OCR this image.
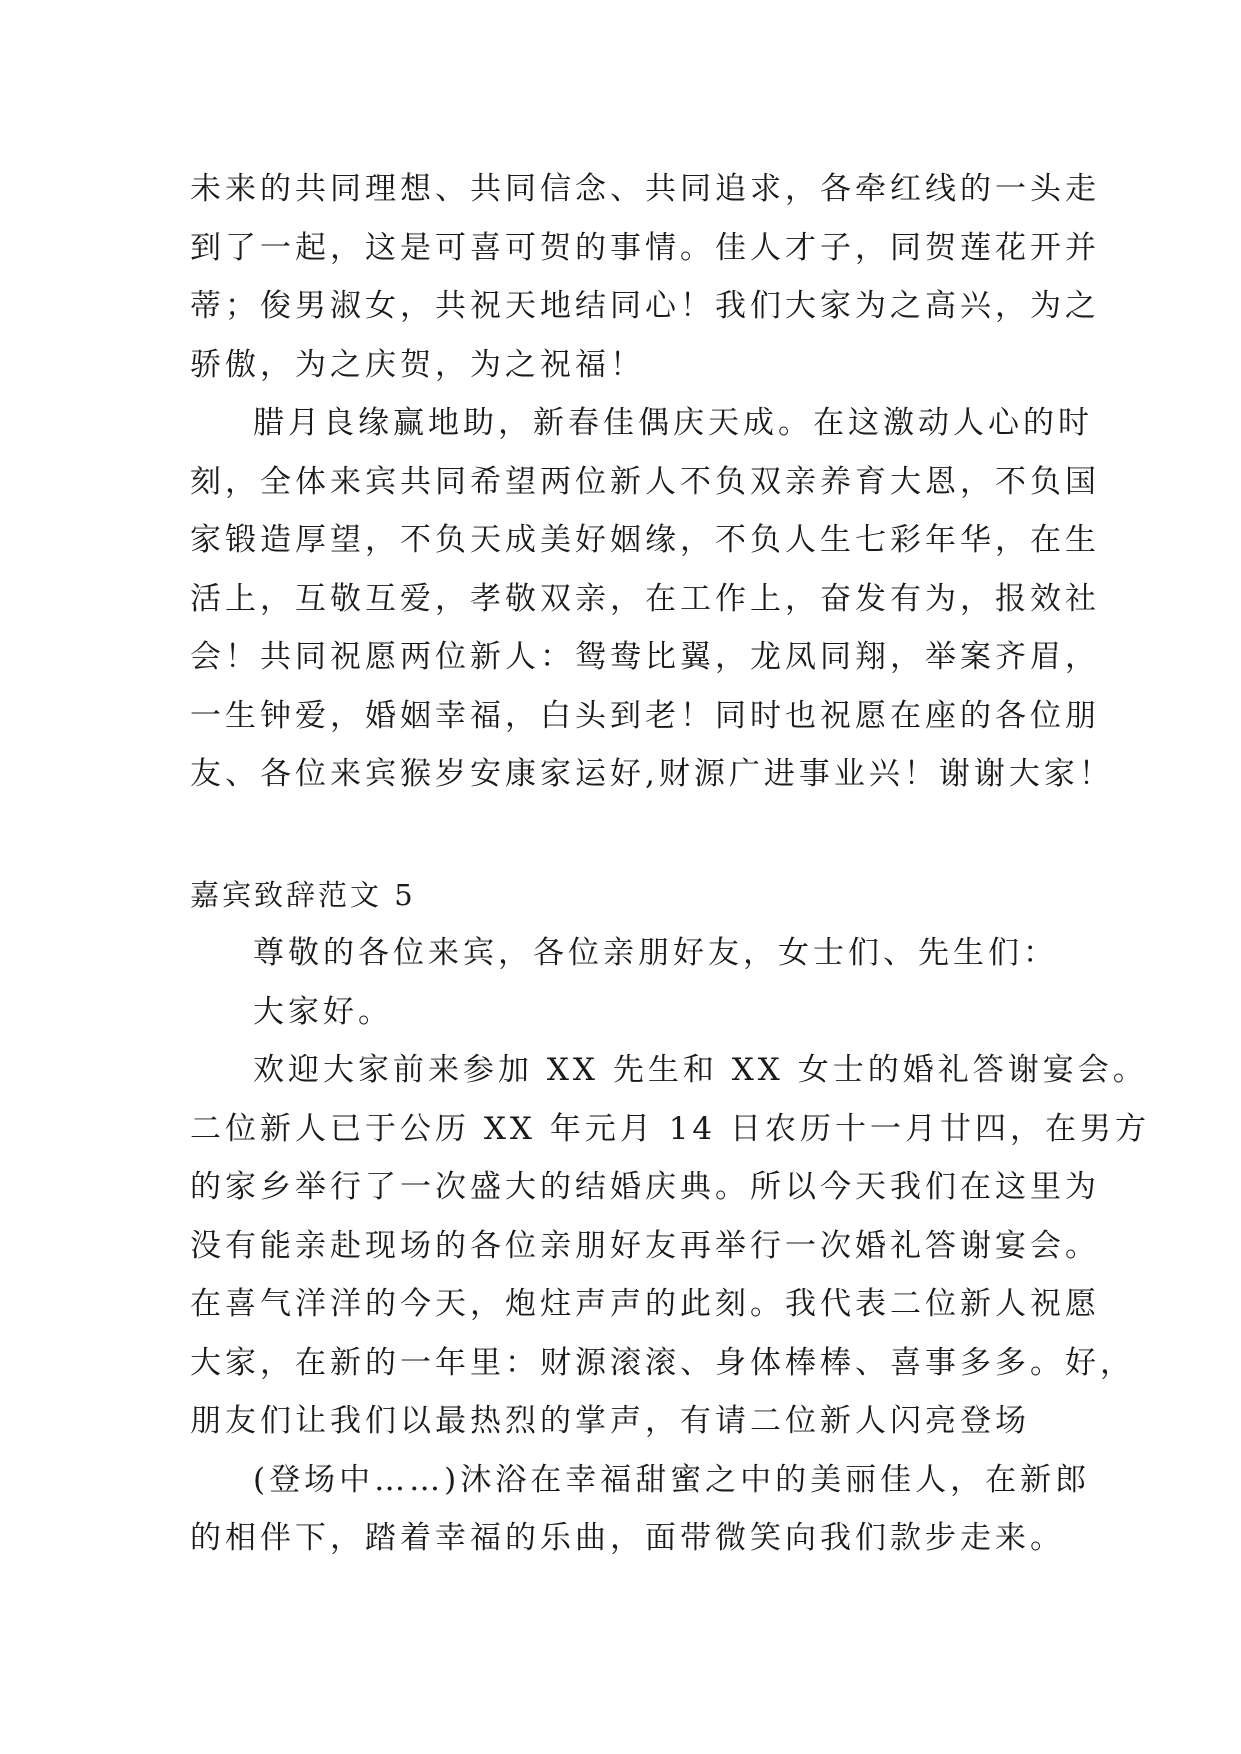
未来的共同理想、共同信念、共同追求，各牵红线的一头走
到了一起，这是可喜可贺的事情。佳人才子，同贺莲花开并
蒂；俊男淑女，共祝天地结同心！我们大家为之高兴，为之
骄傲，为之庆贺，为之祝福！
腊月良缘赢地助，新春佳偶庆天成。在这激动人心的时
刻，全体来宾共同希望两位新人不负双亲养育大恩，不负国
家锻造厚望，不负天成美好姻缘，不负人生七彩年华，在生
活上，互敬互爱，孝敬双亲，在工作上，奋发有为，报效社
会！共同祝愿两位新人：鸳鸯比翼，龙凤同翔，举案齐眉，
一生钟爱，婚姻幸福，白头到老！同时也祝愿在座的各位朋
友、各位来宾猴岁安康家运好,财源广进事业兴！谢谢大家！
嘉宾致辞范文 5
尊敬的各位来宾，各位亲朋好友，女士们、先生们：
大家好。
欢迎大家前来参加 XX 先生和 XX 女士的婚礼答谢宴会。
二位新人已于公历 XX 年元月 14 日农历十一月廿四，在男方
的家乡举行了一次盛大的结婚庆典。所以今天我们在这里为
没有能亲赴现场的各位亲朋好友再举行一次婚礼答谢宴会。
在喜气洋洋的今天，炮炷声声的此刻。我代表二位新人祝愿
大家，在新的一年里：财源滚滚、身体棒棒、喜事多多。好，
朋友们让我们以最热烈的掌声，有请二位新人闪亮登场
(登场中……)沐浴在幸福甜蜜之中的美丽佳人，在新郎
的相伴下，踏着幸福的乐曲，面带微笑向我们款步走来。
